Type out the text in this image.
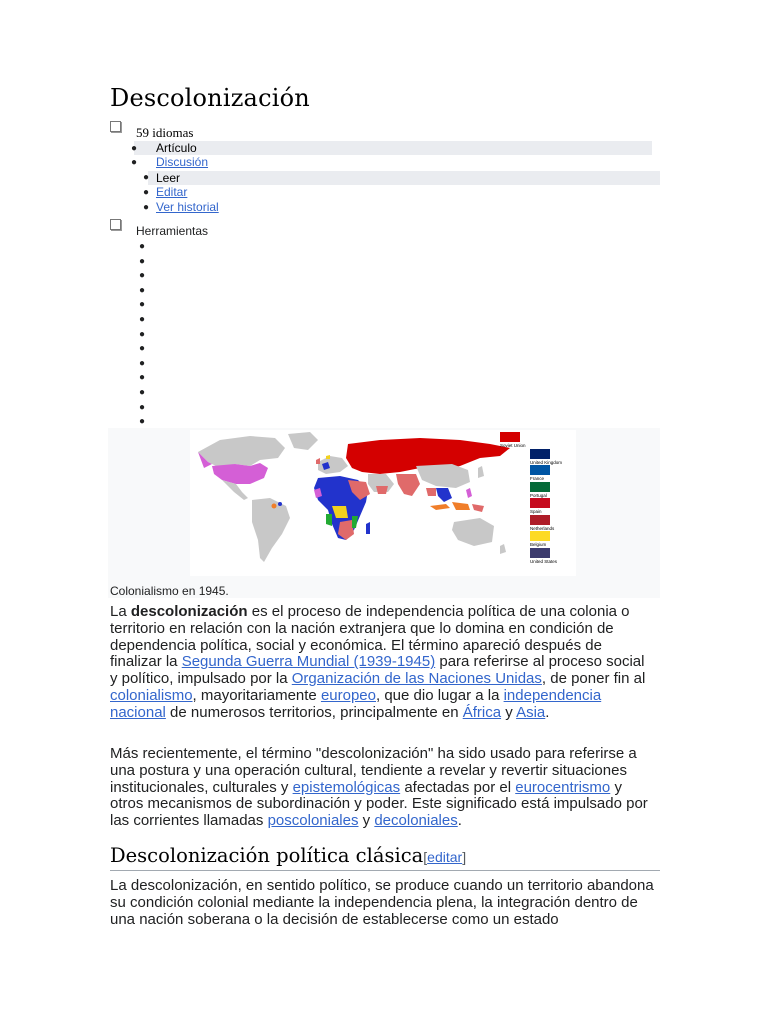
Descolonización
59 idiomas
● Artículo
● Discusión
● Leer
● Editar
● Ver historial
Herramientas
●
●
●
●
●
●
●
●
●
●
●
●
●
Soviet Union
United Kingdom
France
Portugal
Spain
Netherlands
Belgium
United States
Colonialismo en 1945.
La descolonización es el proceso de independencia política de una colonia o territorio en relación con la nación extranjera que lo domina en condición de dependencia política, social y económica. El término apareció después de finalizar la Segunda Guerra Mundial (1939-1945) para referirse al proceso social y político, impulsado por la Organización de las Naciones Unidas, de poner fin al colonialismo, mayoritariamente europeo, que dio lugar a la independencia nacional de numerosos territorios, principalmente en África y Asia.
Más recientemente, el término "descolonización" ha sido usado para referirse a una postura y una operación cultural, tendiente a revelar y revertir situaciones institucionales, culturales y epistemológicas afectadas por el eurocentrismo y otros mecanismos de subordinación y poder. Este significado está impulsado por las corrientes llamadas poscoloniales y decoloniales.
Descolonización política clásica[editar]
La descolonización, en sentido político, se produce cuando un territorio abandona su condición colonial mediante la independencia plena, la integración dentro de una nación soberana o la decisión de establecerse como un estado
